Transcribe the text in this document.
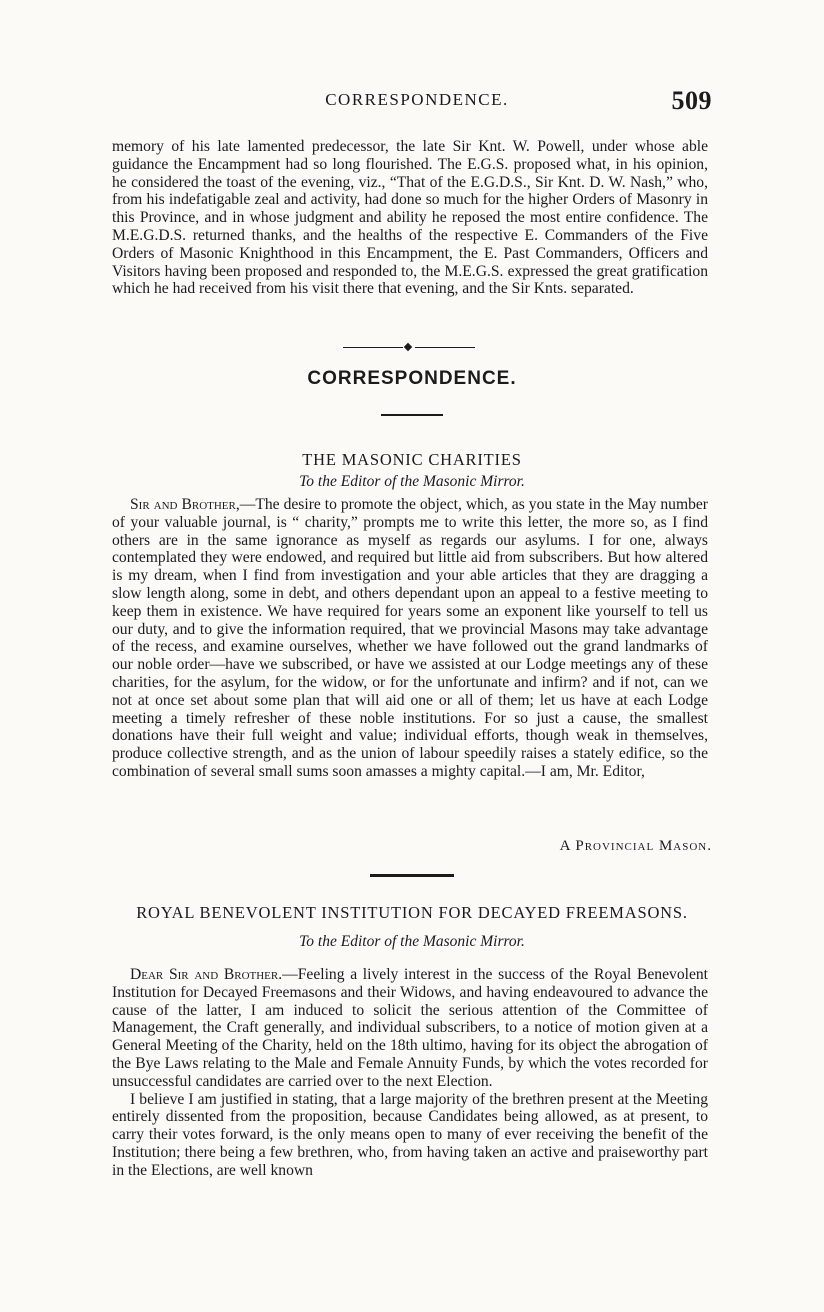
CORRESPONDENCE.	509

memory of his late lamented predecessor, the late Sir Knt. W. Powell, under whose able guidance the Encampment had so long flourished. The E.G.S. proposed what, in his opinion, he considered the toast of the evening, viz., “That of the E.G.D.S., Sir Knt. D. W. Nash,” who, from his indefatigable zeal and activity, had done so much for the higher Orders of Masonry in this Province, and in whose judgment and ability he reposed the most entire confidence. The M.E.G.D.S. returned thanks, and the healths of the respective E. Commanders of the Five Orders of Masonic Knighthood in this Encampment, the E. Past Commanders, Officers and Visitors having been proposed and responded to, the M.E.G.S. expressed the great gratification which he had received from his visit there that evening, and the Sir Knts. separated.

CORRESPONDENCE.
THE MASONIC CHARITIES
To the Editor of the Masonic Mirror.

Sir and Brother,—The desire to promote the object, which, as you state in the May number of your valuable journal, is “ charity,” prompts me to write this letter, the more so, as I find others are in the same ignorance as myself as regards our asylums. I for one, always contemplated they were endowed, and required but little aid from subscribers. But how altered is my dream, when I find from investigation and your able articles that they are dragging a slow length along, some in debt, and others dependant upon an appeal to a festive meeting to keep them in existence. We have required for years some an exponent like yourself to tell us our duty, and to give the information required, that we provincial Masons may take advantage of the recess, and examine ourselves, whether we have followed out the grand landmarks of our noble order—have we subscribed, or have we assisted at our Lodge meetings any of these charities, for the asylum, for the widow, or for the unfortunate and infirm? and if not, can we not at once set about some plan that will aid one or all of them; let us have at each Lodge meeting a timely refresher of these noble institutions. For so just a cause, the smallest donations have their full weight and value; individual efforts, though weak in themselves, produce collective strength, and as the union of labour speedily raises a stately edifice, so the combination of several small sums soon amasses a mighty capital.—I am, Mr. Editor,

A Provincial Mason.
ROYAL BENEVOLENT INSTITUTION FOR DECAYED FREEMASONS.
To the Editor of the Masonic Mirror.

Dear Sir and Brother.—Feeling a lively interest in the success of the Royal Benevolent Institution for Decayed Freemasons and their Widows, and having endeavoured to advance the cause of the latter, I am induced to solicit the serious attention of the Committee of Management, the Craft generally, and individual subscribers, to a notice of motion given at a General Meeting of the Charity, held on the 18th ultimo, having for its object the abrogation of the Bye Laws relating to the Male and Female Annuity Funds, by which the votes recorded for unsuccessful candidates are carried over to the next Election.

I believe I am justified in stating, that a large majority of the brethren present at the Meeting entirely dissented from the proposition, because Candidates being allowed, as at present, to carry their votes forward, is the only means open to many of ever receiving the benefit of the Institution; there being a few brethren, who, from having taken an active and praiseworthy part in the Elections, are well known
